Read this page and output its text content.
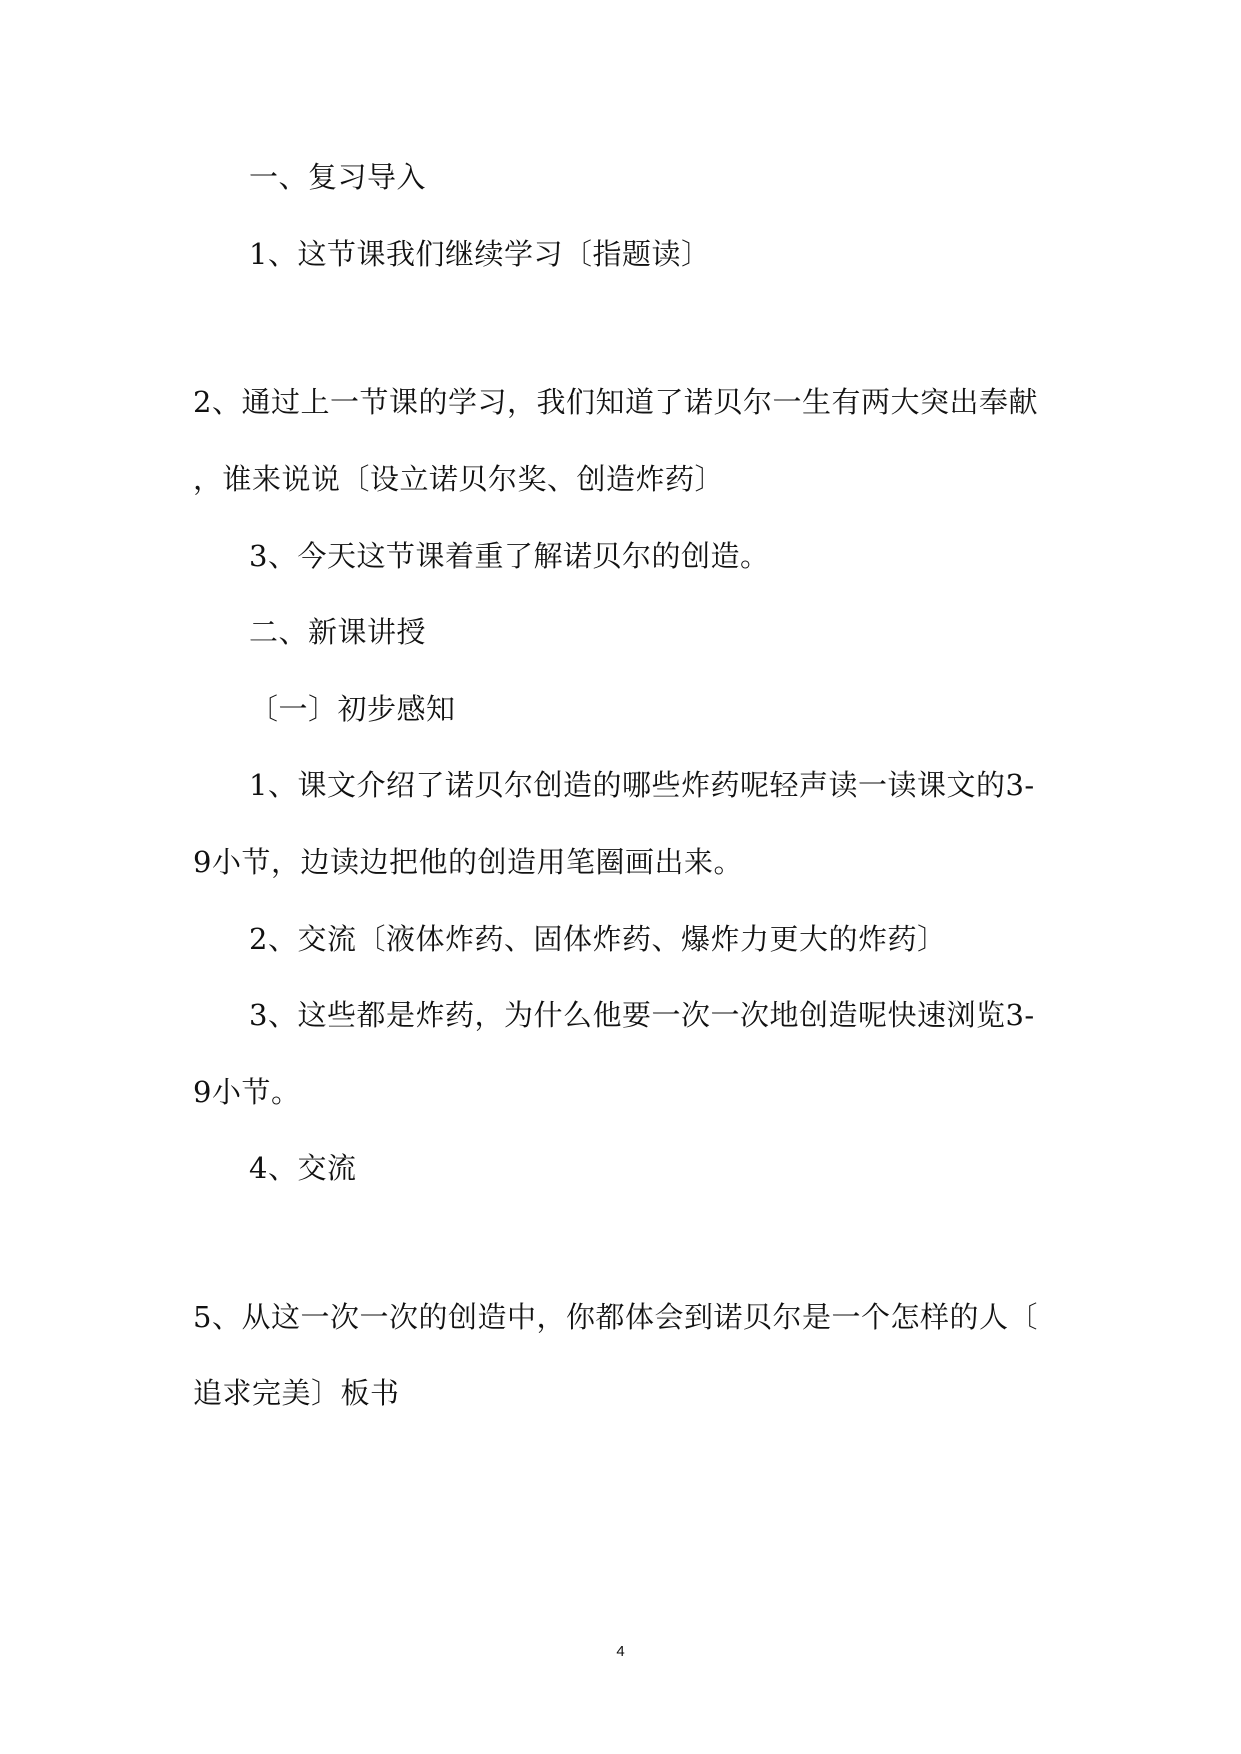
一、复习导入
1、这节课我们继续学习〔指题读〕
2、通过上一节课的学习，我们知道了诺贝尔一生有两大突出奉献
，谁来说说〔设立诺贝尔奖、创造炸药〕
3、今天这节课着重了解诺贝尔的创造。
二、新课讲授
〔一〕初步感知
1、课文介绍了诺贝尔创造的哪些炸药呢轻声读一读课文的3-
9小节，边读边把他的创造用笔圈画出来。
2、交流〔液体炸药、固体炸药、爆炸力更大的炸药〕
3、这些都是炸药，为什么他要一次一次地创造呢快速浏览3-
9小节。
4、交流
5、从这一次一次的创造中，你都体会到诺贝尔是一个怎样的人〔
追求完美〕板书
4
